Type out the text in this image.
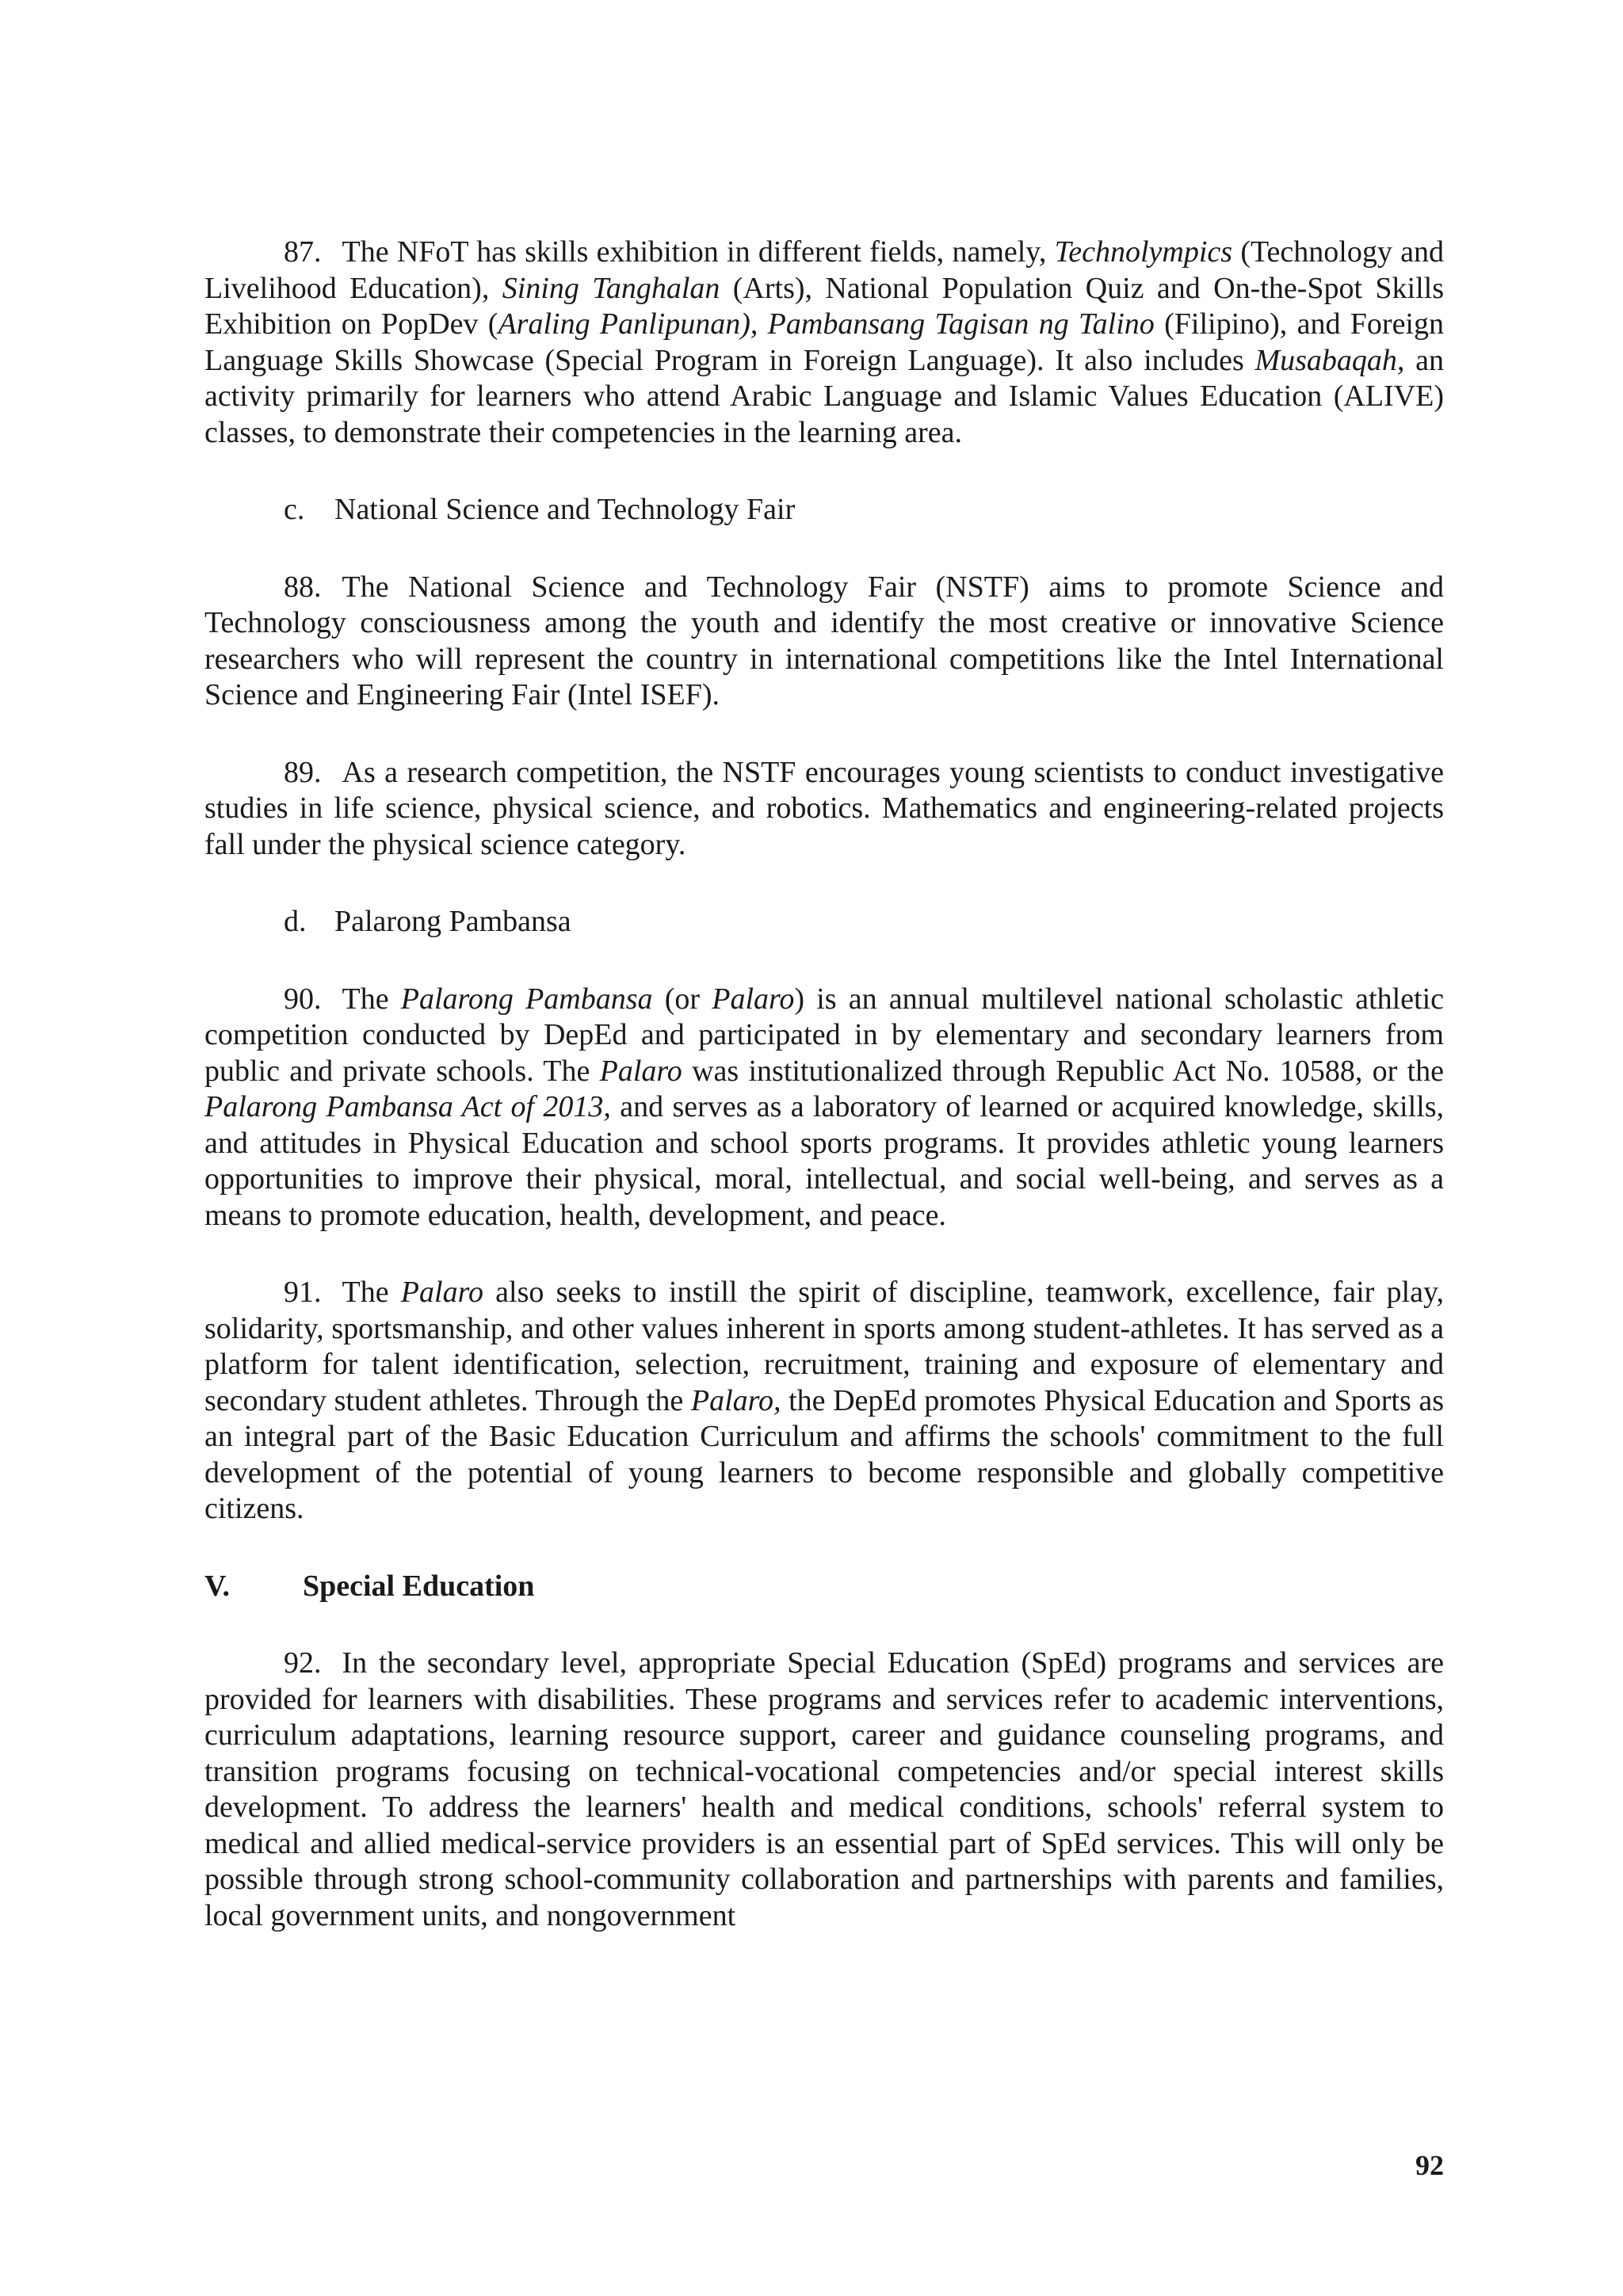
87. The NFoT has skills exhibition in different fields, namely, Technolympics (Technology and Livelihood Education), Sining Tanghalan (Arts), National Population Quiz and On-the-Spot Skills Exhibition on PopDev (Araling Panlipunan), Pambansang Tagisan ng Talino (Filipino), and Foreign Language Skills Showcase (Special Program in Foreign Language). It also includes Musabaqah, an activity primarily for learners who attend Arabic Language and Islamic Values Education (ALIVE) classes, to demonstrate their competencies in the learning area.

c. National Science and Technology Fair

88. The National Science and Technology Fair (NSTF) aims to promote Science and Technology consciousness among the youth and identify the most creative or innovative Science researchers who will represent the country in international competitions like the Intel International Science and Engineering Fair (Intel ISEF).

89. As a research competition, the NSTF encourages young scientists to conduct investigative studies in life science, physical science, and robotics. Mathematics and engineering-related projects fall under the physical science category.

d. Palarong Pambansa

90. The Palarong Pambansa (or Palaro) is an annual multilevel national scholastic athletic competition conducted by DepEd and participated in by elementary and secondary learners from public and private schools. The Palaro was institutionalized through Republic Act No. 10588, or the Palarong Pambansa Act of 2013, and serves as a laboratory of learned or acquired knowledge, skills, and attitudes in Physical Education and school sports programs. It provides athletic young learners opportunities to improve their physical, moral, intellectual, and social well-being, and serves as a means to promote education, health, development, and peace.

91. The Palaro also seeks to instill the spirit of discipline, teamwork, excellence, fair play, solidarity, sportsmanship, and other values inherent in sports among student-athletes. It has served as a platform for talent identification, selection, recruitment, training and exposure of elementary and secondary student athletes. Through the Palaro, the DepEd promotes Physical Education and Sports as an integral part of the Basic Education Curriculum and affirms the schools' commitment to the full development of the potential of young learners to become responsible and globally competitive citizens.

V. Special Education

92. In the secondary level, appropriate Special Education (SpEd) programs and services are provided for learners with disabilities. These programs and services refer to academic interventions, curriculum adaptations, learning resource support, career and guidance counseling programs, and transition programs focusing on technical-vocational competencies and/or special interest skills development. To address the learners' health and medical conditions, schools' referral system to medical and allied medical-service providers is an essential part of SpEd services. This will only be possible through strong school-community collaboration and partnerships with parents and families, local government units, and nongovernment

92
